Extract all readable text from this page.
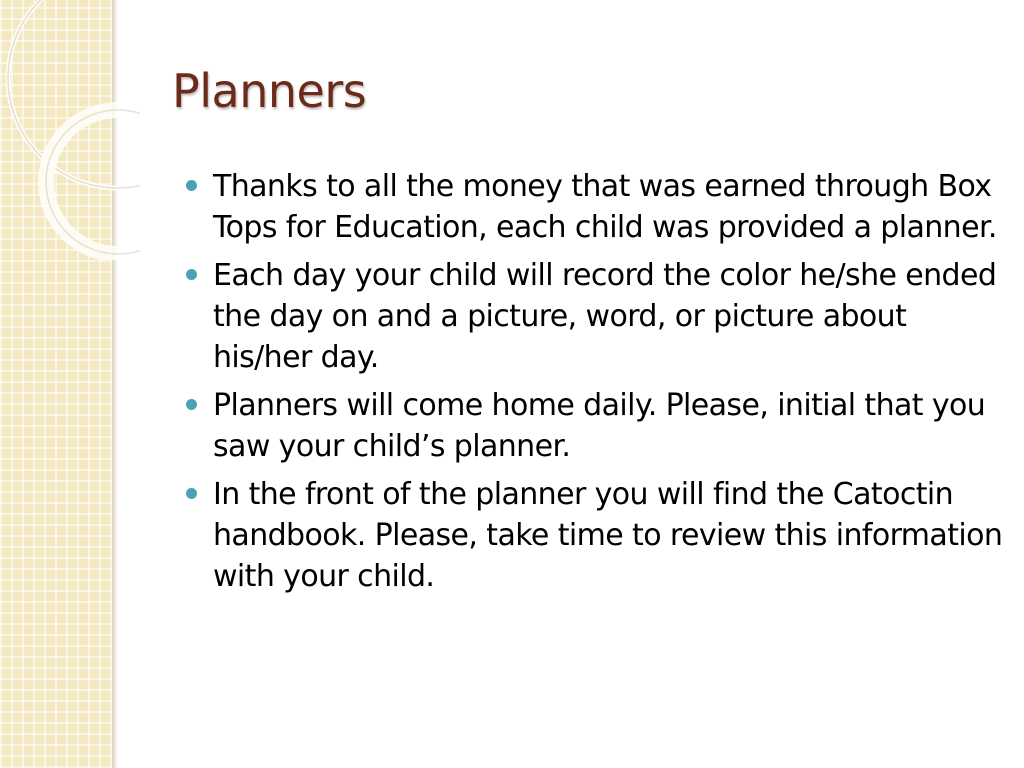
Planners
Thanks to all the money that was earned through Box Tops for Education, each child was provided a planner.
Each day your child will record the color he/she ended the day on and a picture, word, or picture about his/her day.
Planners will come home daily. Please, initial that you saw your child’s planner.
In the front of the planner you will find the Catoctin handbook. Please, take time to review this information with your child.
